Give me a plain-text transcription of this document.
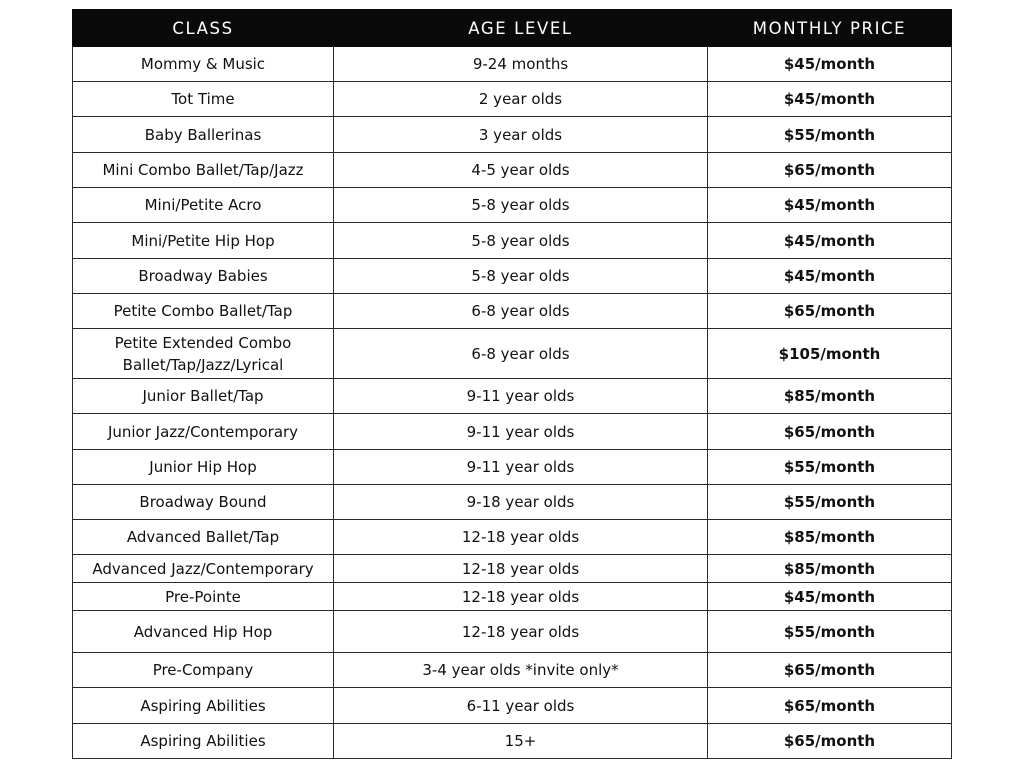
CLASS	AGE LEVEL	MONTHLY PRICE
Mommy & Music	9-24 months	$45/month
Tot Time	2 year olds	$45/month
Baby Ballerinas	3 year olds	$55/month
Mini Combo Ballet/Tap/Jazz	4-5 year olds	$65/month
Mini/Petite Acro	5-8 year olds	$45/month
Mini/Petite Hip Hop	5-8 year olds	$45/month
Broadway Babies	5-8 year olds	$45/month
Petite Combo Ballet/Tap	6-8 year olds	$65/month
Petite Extended Combo Ballet/Tap/Jazz/Lyrical	6-8 year olds	$105/month
Junior Ballet/Tap	9-11 year olds	$85/month
Junior Jazz/Contemporary	9-11 year olds	$65/month
Junior Hip Hop	9-11 year olds	$55/month
Broadway Bound	9-18 year olds	$55/month
Advanced Ballet/Tap	12-18 year olds	$85/month
Advanced Jazz/Contemporary	12-18 year olds	$85/month
Pre-Pointe	12-18 year olds	$45/month
Advanced Hip Hop	12-18 year olds	$55/month
Pre-Company	3-4 year olds *invite only*	$65/month
Aspiring Abilities	6-11 year olds	$65/month
Aspiring Abilities	15+	$65/month
